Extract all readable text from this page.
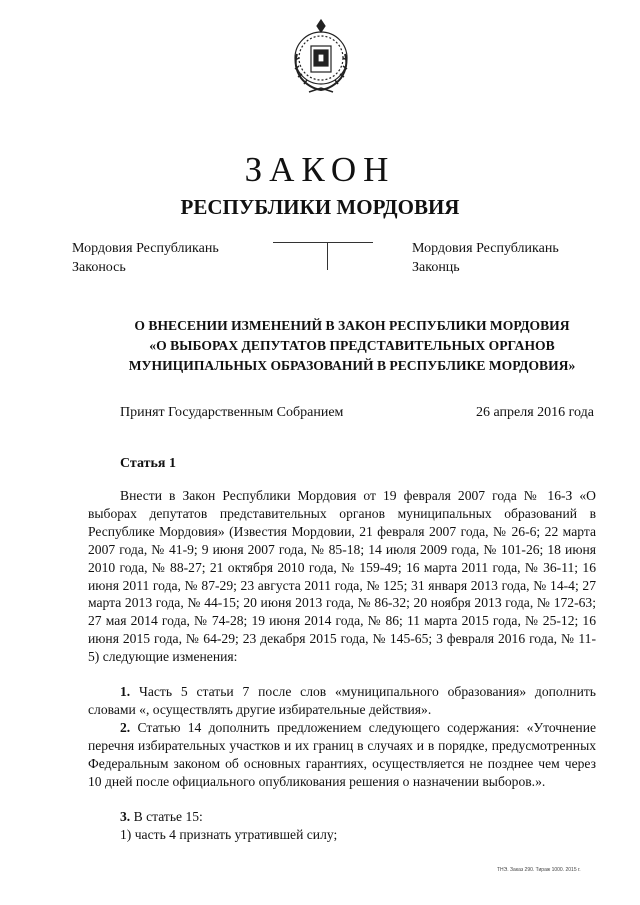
ЗАКОН
РЕСПУБЛИКИ МОРДОВИЯ
Мордовия Республикань
Законось
Мордовия Республикань
Законць
О ВНЕСЕНИИ ИЗМЕНЕНИЙ В ЗАКОН РЕСПУБЛИКИ МОРДОВИЯ
«О ВЫБОРАХ ДЕПУТАТОВ ПРЕДСТАВИТЕЛЬНЫХ ОРГАНОВ
МУНИЦИПАЛЬНЫХ ОБРАЗОВАНИЙ В РЕСПУБЛИКЕ МОРДОВИЯ»
Принят Государственным Собранием	26 апреля 2016 года
Статья 1

Внести в Закон Республики Мордовия от 19 февраля 2007 года № 16-З «О выборах депутатов представительных органов муниципальных образований в Республике Мордовия» (Известия Мордовии, 21 февраля 2007 года, № 26-6; 22 марта 2007 года, № 41-9; 9 июня 2007 года, № 85-18; 14 июля 2009 года, № 101-26; 18 июня 2010 года, № 88-27; 21 октября 2010 года, № 159-49; 16 марта 2011 года, № 36-11; 16 июня 2011 года, № 87-29; 23 августа 2011 года, № 125; 31 января 2013 года, № 14-4; 27 марта 2013 года, № 44-15; 20 июня 2013 года, № 86-32; 20 ноября 2013 года, № 172-63; 27 мая 2014 года, № 74-28; 19 июня 2014 года, № 86; 11 марта 2015 года, № 25-12; 16 июня 2015 года, № 64-29; 23 декабря 2015 года, № 145-65; 3 февраля 2016 года, № 11-5) следующие изменения:

1. Часть 5 статьи 7 после слов «муниципального образования» дополнить словами «, осуществлять другие избирательные действия».

2. Статью 14 дополнить предложением следующего содержания: «Уточнение перечня избирательных участков и их границ в случаях и в порядке, предусмотренных Федеральным законом об основных гарантиях, осуществляется не позднее чем через 10 дней после официального опубликования решения о назначении выборов.».

3. В статье 15:

1) часть 4 признать утратившей силу;

ТНЭ. Заказ 290. Тираж 1000. 2015 г.
